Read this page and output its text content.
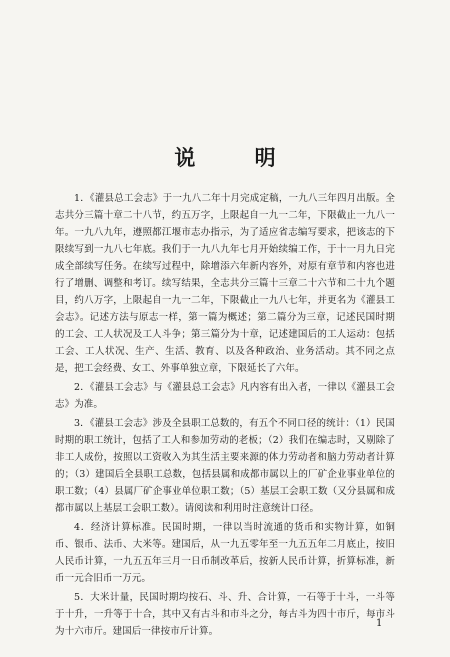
说 明

1．《灌县总工会志》于一九八二年十月完成定稿，一九八三年四月出版。全志共分三篇十章二十八节，约五万字，上限起自一九一二年，下限截止一九八一年。一九八九年，遵照都江堰市志办指示，为了适应省志编写要求，把该志的下限续写到一九八七年底。我们于一九八九年七月开始续编工作，于十一月九日完成全部续写任务。在续写过程中，除增添六年新内容外，对原有章节和内容也进行了增删、调整和考订。续写结果，全志共分三篇十三章二十六节和二十九个题目，约八万字，上限起自一九一二年，下限截止一九八七年，并更名为《灌县工会志》。记述方法与原志一样，第一篇为概述；第二篇分为三章，记述民国时期的工会、工人状况及工人斗争；第三篇分为十章，记述建国后的工人运动：包括工会、工人状况、生产、生活、教育、以及各种政治、业务活动。其不同之点是，把工会经费、女工、外事单独立章，下限延长了六年。

2．《灌县工会志》与《灌县总工会志》凡内容有出入者，一律以《灌县工会志》为准。

3．《灌县工会志》涉及全县职工总数的，有五个不同口径的统计：（1）民国时期的职工统计，包括了工人和参加劳动的老板；（2）我们在编志时，又剔除了非工人成份，按照以工资收入为其生活主要来源的体力劳动者和脑力劳动者计算的；（3）建国后全县职工总数，包括县属和成都市属以上的厂矿企业事业单位的职工数；（4）县属厂矿企事业单位职工数；（5）基层工会职工数（又分县属和成都市属以上基层工会职工数）。请阅读和利用时注意统计口径。

4．经济计算标准。民国时期，一律以当时流通的货币和实物计算，如铜币、银币、法币、大米等。建国后，从一九五零年至一九五五年二月底止，按旧人民币计算，一九五五年三月一日币制改革后，按新人民币计算，折算标准，新币一元合旧币一万元。

5．大米计量，民国时期均按石、斗、升、合计算，一石等于十斗，一斗等于十升，一升等于十合，其中又有古斗和市斗之分，每古斗为四十市斤，每市斗为十六市斤。建国后一律按市斤计算。

1
